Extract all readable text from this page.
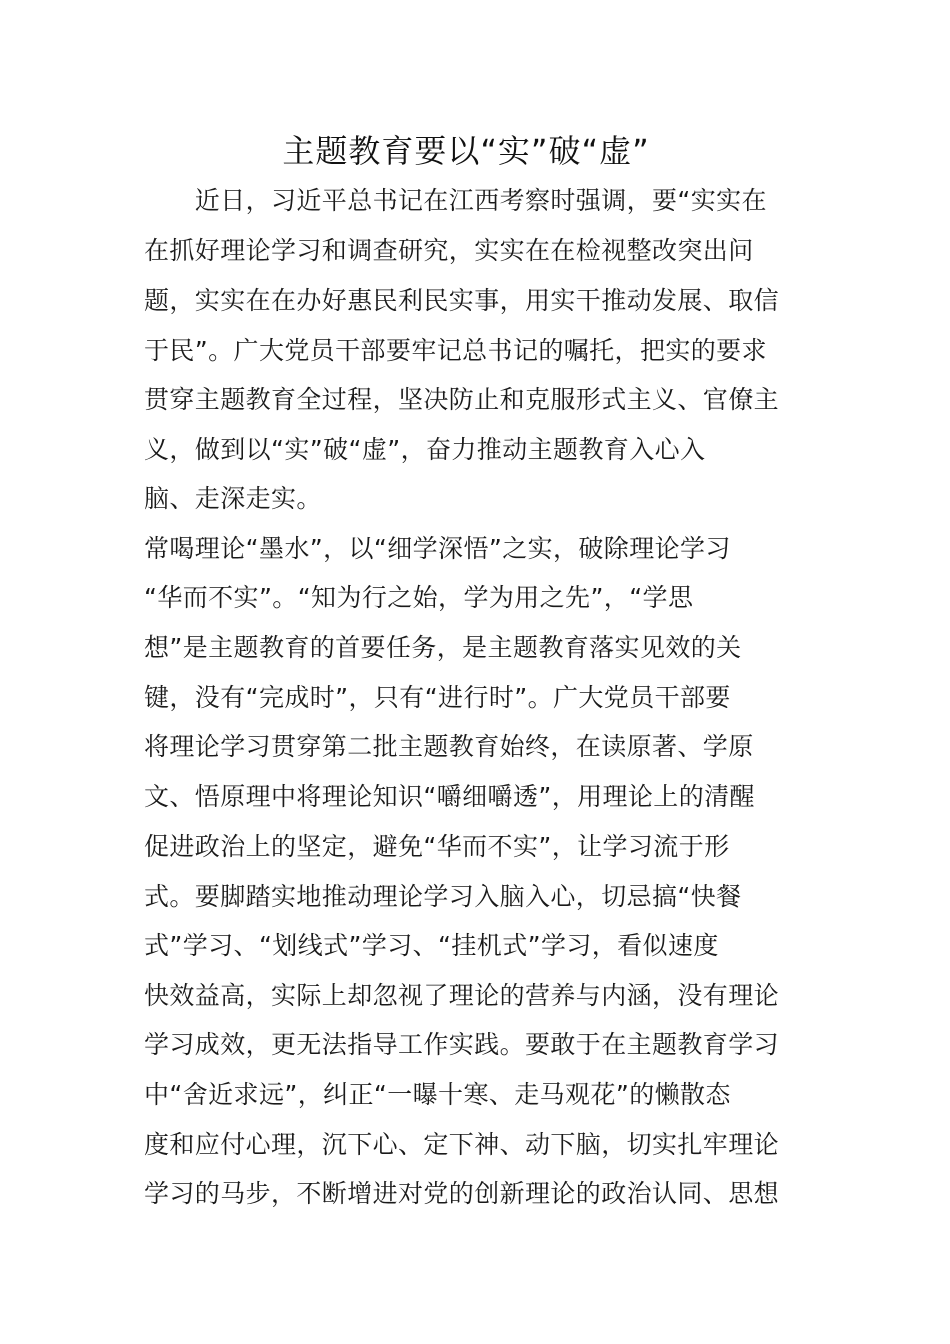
主题教育要以“实”破“虚”
　　近日，习近平总书记在江西考察时强调，要“实实在
在抓好理论学习和调查研究，实实在在检视整改突出问
题，实实在在办好惠民利民实事，用实干推动发展、取信
于民”。广大党员干部要牢记总书记的嘱托，把实的要求
贯穿主题教育全过程，坚决防止和克服形式主义、官僚主
义，做到以“实”破“虚”，奋力推动主题教育入心入
脑、走深走实。
常喝理论“墨水”，以“细学深悟”之实，破除理论学习
“华而不实”。“知为行之始，学为用之先”，“学思
想”是主题教育的首要任务，是主题教育落实见效的关
键，没有“完成时”，只有“进行时”。广大党员干部要
将理论学习贯穿第二批主题教育始终，在读原著、学原
文、悟原理中将理论知识“嚼细嚼透”，用理论上的清醒
促进政治上的坚定，避免“华而不实”，让学习流于形
式。要脚踏实地推动理论学习入脑入心，切忌搞“快餐
式”学习、“划线式”学习、“挂机式”学习，看似速度
快效益高，实际上却忽视了理论的营养与内涵，没有理论
学习成效，更无法指导工作实践。要敢于在主题教育学习
中“舍近求远”，纠正“一曝十寒、走马观花”的懒散态
度和应付心理，沉下心、定下神、动下脑，切实扎牢理论
学习的马步，不断增进对党的创新理论的政治认同、思想
